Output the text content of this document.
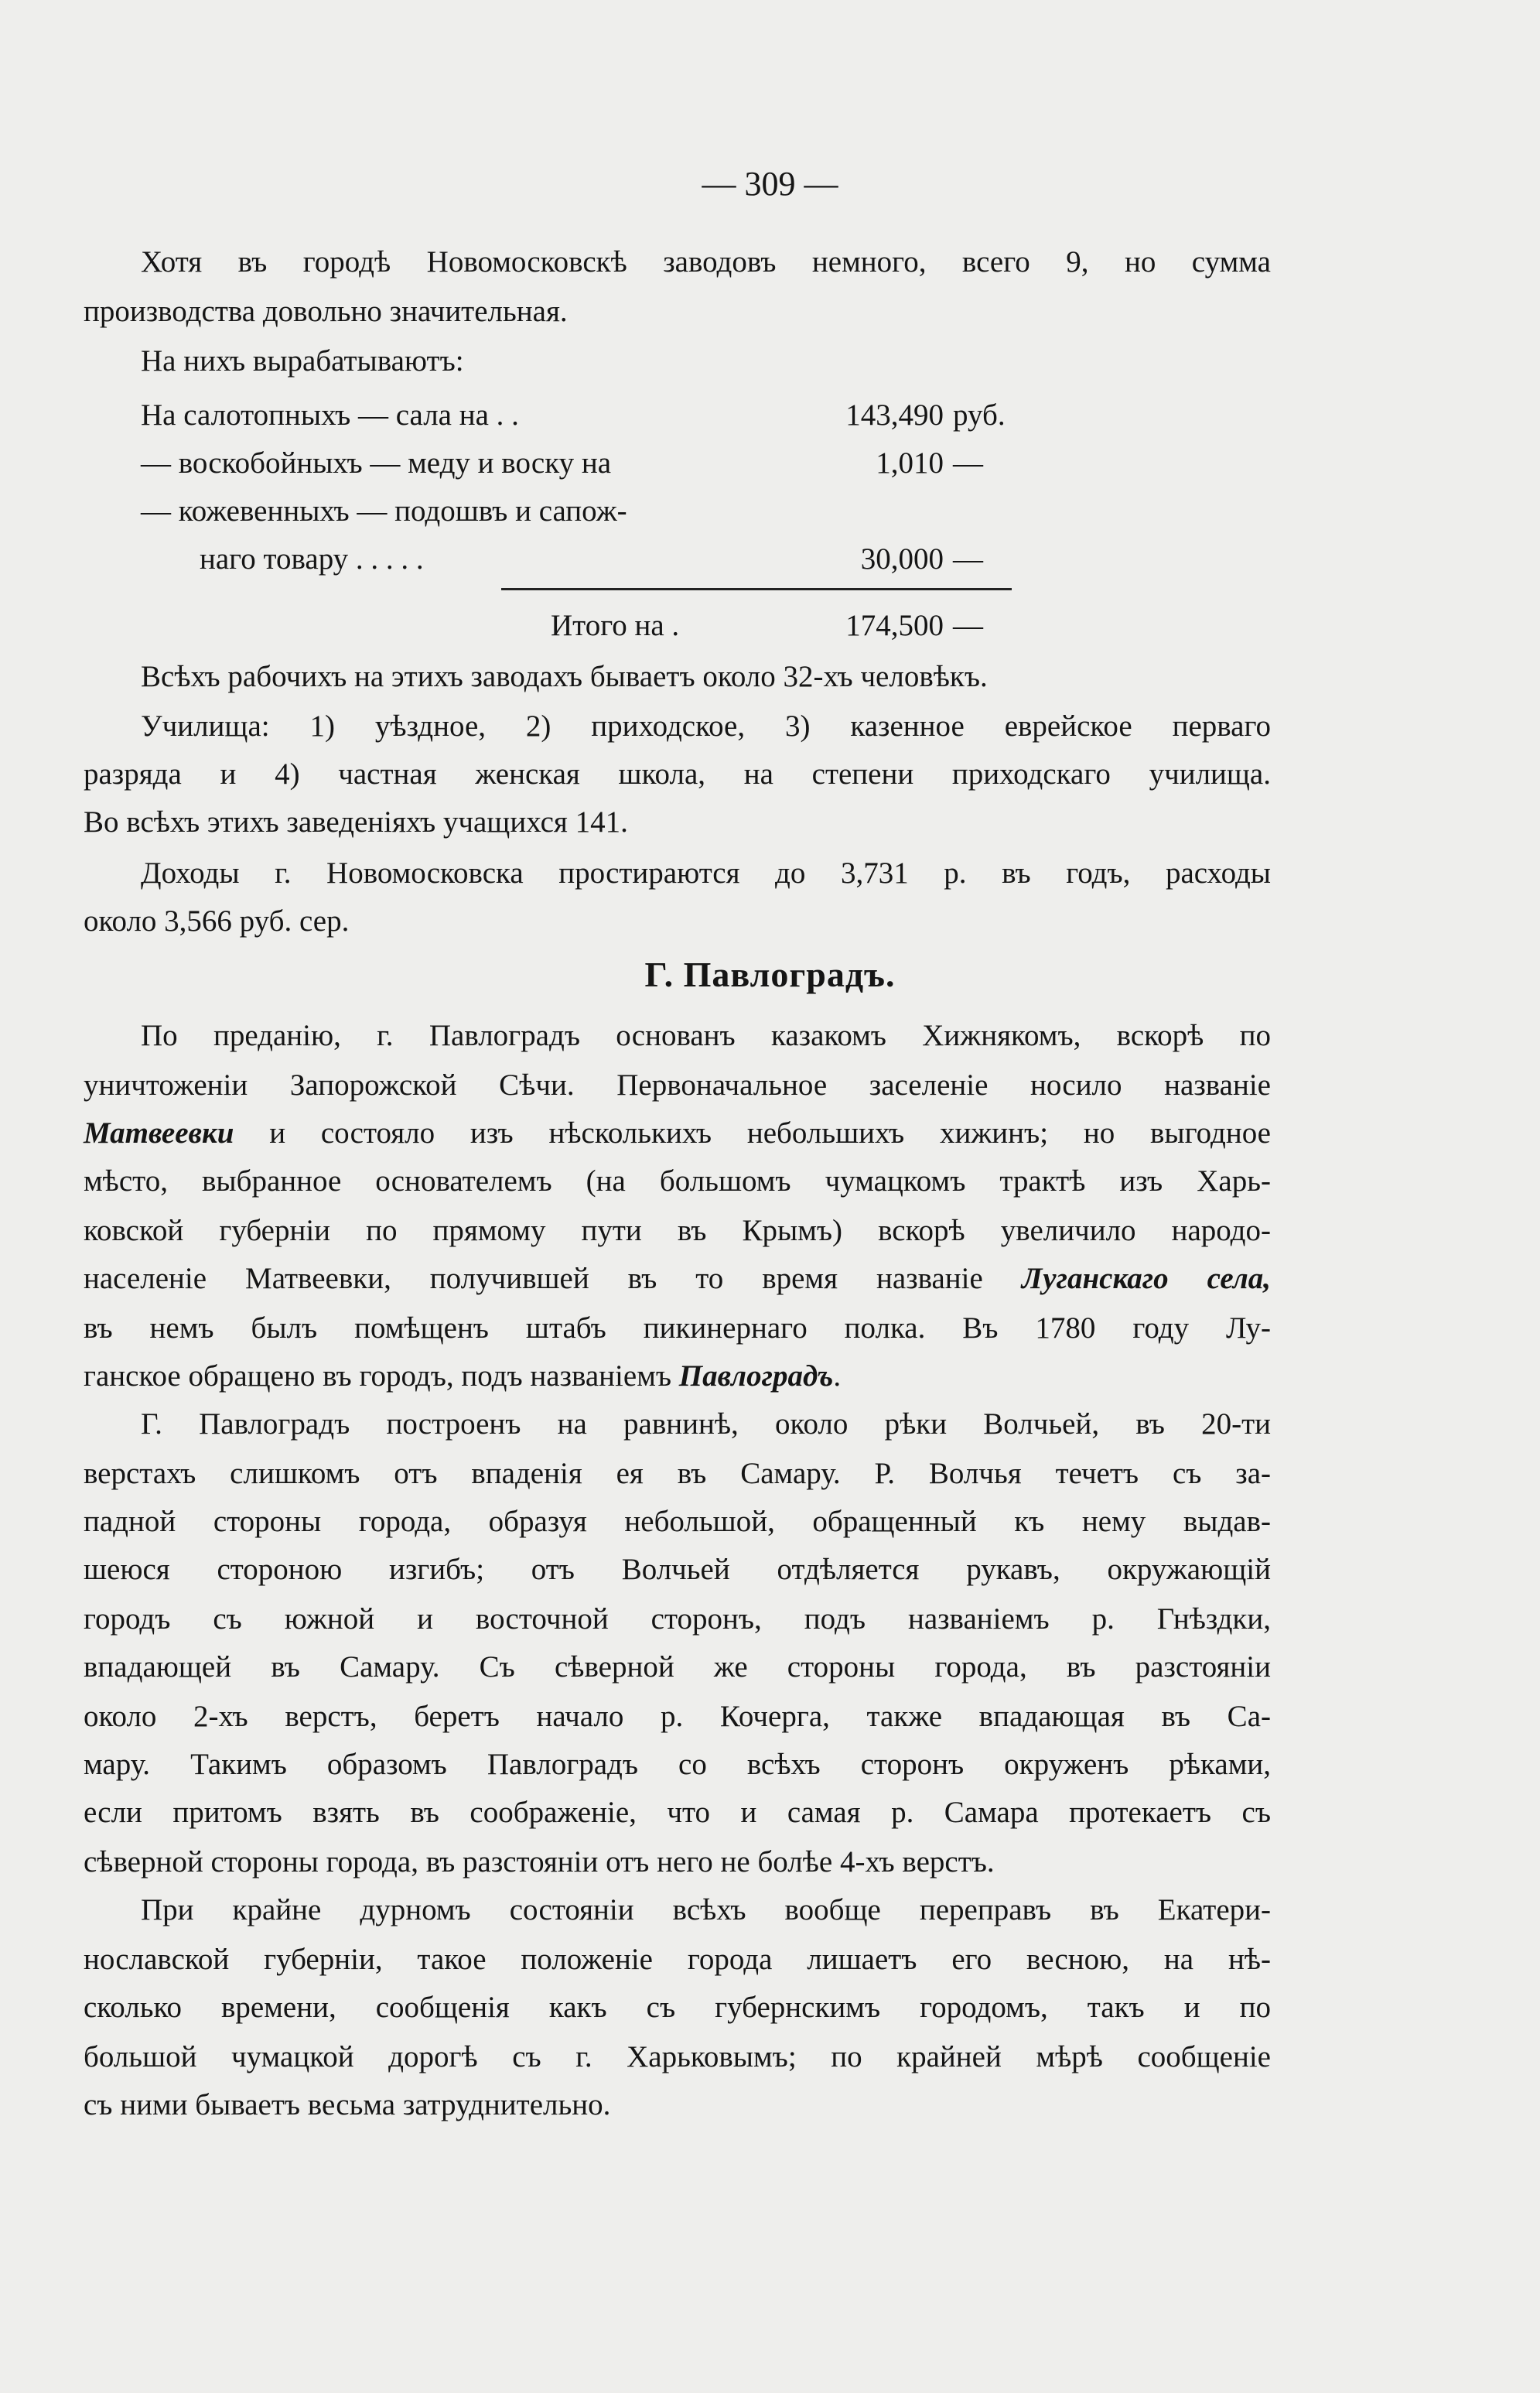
— 309 —
Хотя въ городѣ Новомосковскѣ заводовъ немного, всего 9, но сумма
производства довольно значительная.
На нихъ вырабатываютъ:
На салотопныхъ — сала на . .	143,490 руб.
— воскобойныхъ — меду и воску на	1,010 —
— кожевенныхъ — подошвъ и сапож-
наго товару . . . . .	30,000 —
Итого на .	174,500 —
Всѣхъ рабочихъ на этихъ заводахъ бываетъ около 32-хъ человѣкъ.
Училища: 1) уѣздное, 2) приходское, 3) казенное еврейское перваго
разряда и 4) частная женская школа, на степени приходскаго училища.
Во всѣхъ этихъ заведеніяхъ учащихся 141.
Доходы г. Новомосковска простираются до 3,731 р. въ годъ, расходы
около 3,566 руб. сер.
Г. Павлоградъ.
По преданію, г. Павлоградъ основанъ казакомъ Хижнякомъ, вскорѣ по
уничтоженіи Запорожской Сѣчи. Первоначальное заселеніе носило названіе
Матвеевки и состояло изъ нѣсколькихъ небольшихъ хижинъ; но выгодное
мѣсто, выбранное основателемъ (на большомъ чумацкомъ трактѣ изъ Харь-
ковской губерніи по прямому пути въ Крымъ) вскорѣ увеличило народо-
населеніе Матвеевки, получившей въ то время названіе Луганскаго села,
въ немъ былъ помѣщенъ штабъ пикинернаго полка. Въ 1780 году Лу-
ганское обращено въ городъ, подъ названіемъ Павлоградъ.
Г. Павлоградъ построенъ на равнинѣ, около рѣки Волчьей, въ 20-ти
верстахъ слишкомъ отъ впаденія ея въ Самару. Р. Волчья течетъ съ за-
падной стороны города, образуя небольшой, обращенный къ нему выдав-
шеюся стороною изгибъ; отъ Волчьей отдѣляется рукавъ, окружающій
городъ съ южной и восточной сторонъ, подъ названіемъ р. Гнѣздки,
впадающей въ Самару. Съ сѣверной же стороны города, въ разстояніи
около 2-хъ верстъ, беретъ начало р. Кочерга, также впадающая въ Са-
мару. Такимъ образомъ Павлоградъ со всѣхъ сторонъ окруженъ рѣками,
если притомъ взять въ соображеніе, что и самая р. Самара протекаетъ съ
сѣверной стороны города, въ разстояніи отъ него не болѣе 4-хъ верстъ.
При крайне дурномъ состояніи всѣхъ вообще переправъ въ Екатери-
нославской губерніи, такое положеніе города лишаетъ его весною, на нѣ-
сколько времени, сообщенія какъ съ губернскимъ городомъ, такъ и по
большой чумацкой дорогѣ съ г. Харьковымъ; по крайней мѣрѣ сообщеніе
съ ними бываетъ весьма затруднительно.
